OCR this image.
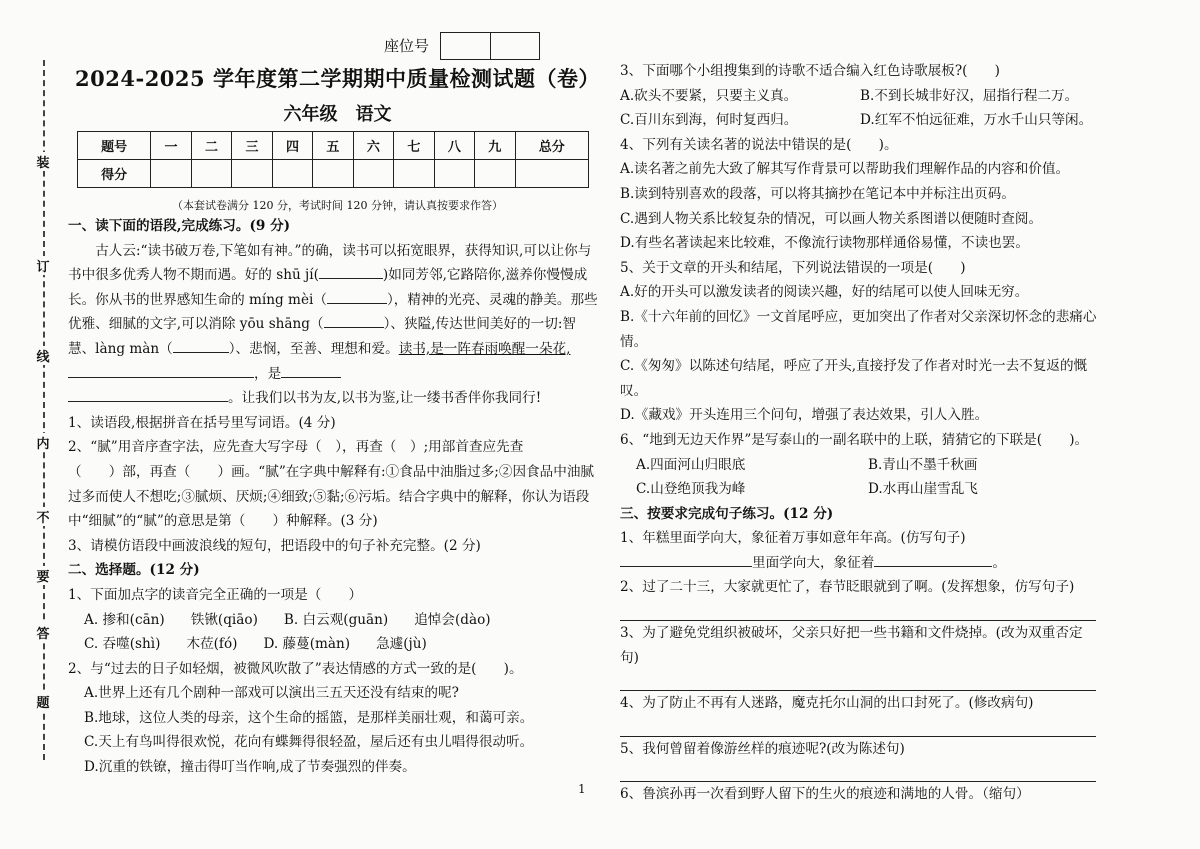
装
订
线
内
不
要
答
题
座位号
2024-2025 学年度第二学期期中质量检测试题（卷）
六年级　语文
题号	一	二	三	四	五	六	七	八	九	总分
得分										
（本套试卷满分 120 分，考试时间 120 分钟，请认真按要求作答）
一、读下面的语段,完成练习。(9 分)
古人云:“读书破万卷,下笔如有神。”的确，读书可以拓宽眼界，获得知识,可以让你与书中很多优秀人物不期而遇。好的 shū jí(	)如同芳邻,它路陪你,滋养你慢慢成长。你从书的世界感知生命的 míng mèi（	），精神的光亮、灵魂的静美。那些优雅、细腻的文字,可以消除 yōu shāng（	）、狭隘,传达世间美好的一切:智慧、làng màn（	）、悲悯，至善、理想和爱。读书,是一阵春雨唤醒一朵花,，是
。让我们以书为友,以书为鉴,让一缕书香伴你我同行!
1、读语段,根据拼音在括号里写词语。(4 分)
2、“腻”用音序查字法，应先查大写字母（　），再查（　）;用部首查应先查
（　　）部，再查（　　）画。“腻”在字典中解释有:①食品中油脂过多;②因食品中油腻过多而使人不想吃;③腻烦、厌烦;④细致;⑤黏;⑥污垢。结合字典中的解释，你认为语段中“细腻”的“腻”的意思是第（　　）种解释。(3 分)
3、请模仿语段中画波浪线的短句，把语段中的句子补充完整。(2 分)
二、选择题。(12 分)
1、下面加点字的读音完全正确的一项是（　　）
A. 掺和(cān) 铁锹(qiāo) B. 白云观(guān) 追悼会(dào)
C. 吞噬(shì) 木莅(fó) D. 藤蔓(màn) 急遽(jù)
2、与“过去的日子如轻烟，被微风吹散了”表达情感的方式一致的是(　　)。
A.世界上还有几个剧种一部戏可以演出三五天还没有结束的呢?
B.地球，这位人类的母亲，这个生命的摇篮，是那样美丽壮观，和蔼可亲。
C.天上有鸟叫得很欢悦，花向有蝶舞得很轻盈，屋后还有虫儿唱得很动听。
D.沉重的铁镣，撞击得叮当作响,成了节奏强烈的伴奏。
3、下面哪个小组搜集到的诗歌不适合编入红色诗歌展板?(　　)
A.砍头不要紧，只要主义真。	B.不到长城非好汉，屈指行程二万。
C.百川东到海，何时复西归。	D.红军不怕远征难，万水千山只等闲。
4、下列有关读名著的说法中错误的是(　　)。
A.读名著之前先大致了解其写作背景可以帮助我们理解作品的内容和价值。
B.读到特别喜欢的段落，可以将其摘抄在笔记本中并标注出页码。
C.遇到人物关系比较复杂的情况，可以画人物关系图谱以便随时查阅。
D.有些名著读起来比较难，不像流行读物那样通俗易懂，不读也罢。
5、关于文章的开头和结尾，下列说法错误的一项是(　　)
A.好的开头可以激发读者的阅读兴趣，好的结尾可以使人回味无穷。
B.《十六年前的回忆》一文首尾呼应，更加突出了作者对父亲深切怀念的悲痛心情。
C.《匆匆》以陈述句结尾，呼应了开头,直接抒发了作者对时光一去不复返的慨叹。
D.《藏戏》开头连用三个问句，增强了表达效果，引人入胜。
6、“地到无边天作界”是写泰山的一副名联中的上联，猜猜它的下联是(　　)。
A.四面河山归眼底	B.青山不墨千秋画
C.山登绝顶我为峰	D.水再山崖雪乱飞
三、按要求完成句子练习。(12 分)
1、年糕里面学向大，象征着万事如意年年高。(仿写句子)
里面学向大，象征着	。
2、过了二十三，大家就更忙了，春节眨眼就到了啊。(发挥想象，仿写句子)
3、为了避免党组织被破坏，父亲只好把一些书籍和文件烧掉。(改为双重否定句)
4、为了防止不再有人迷路，魔克托尔山洞的出口封死了。(修改病句)
5、我何曾留着像游丝样的痕迹呢?(改为陈述句)
6、鲁滨孙再一次看到野人留下的生火的痕迹和满地的人骨。（缩句）
1
